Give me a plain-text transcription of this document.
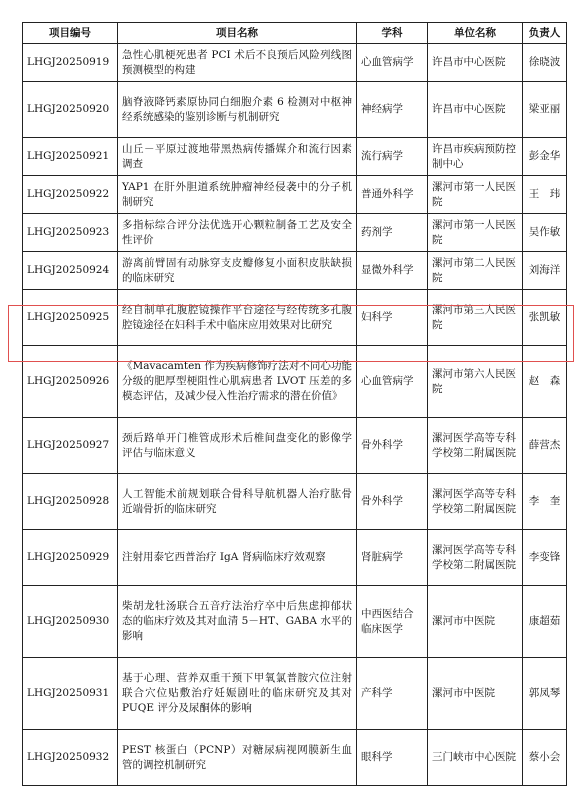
项目编号	项目名称	学科	单位名称	负责人
LHGJ20250919	急性心肌梗死患者 PCI 术后不良预后风险列线图预测模型的构建	心血管病学	许昌市中心医院	徐晓波
LHGJ20250920	脑脊液降钙素原协同白细胞介素 6 检测对中枢神经系统感染的鉴别诊断与机制研究	神经病学	许昌市中心医院	梁亚丽
LHGJ20250921	山丘－平原过渡地带黑热病传播媒介和流行因素调查	流行病学	许昌市疾病预防控制中心	彭金华
LHGJ20250922	YAP1 在肝外胆道系统肿瘤神经侵袭中的分子机制研究	普通外科学	漯河市第一人民医院	王　玮
LHGJ20250923	多指标综合评分法优选开心颗粒制备工艺及安全性评价	药剂学	漯河市第一人民医院	吴作敏
LHGJ20250924	游离前臂固有动脉穿支皮瓣修复小面积皮肤缺损的临床研究	显微外科学	漯河市第二人民医院	刘海洋
LHGJ20250925	经自制单孔腹腔镜操作平台途径与经传统多孔腹腔镜途径在妇科手术中临床应用效果对比研究	妇科学	漯河市第三人民医院	张凯敏
LHGJ20250926	《Mavacamten 作为疾病修饰疗法对不同心功能分级的肥厚型梗阻性心肌病患者 LVOT 压差的多模态评估，及减少侵入性治疗需求的潜在价值》	心血管病学	漯河市第六人民医院	赵　森
LHGJ20250927	颈后路单开门椎管成形术后椎间盘变化的影像学评估与临床意义	骨外科学	漯河医学高等专科学校第二附属医院	薛营杰
LHGJ20250928	人工智能术前规划联合骨科导航机器人治疗肱骨近端骨折的临床研究	骨外科学	漯河医学高等专科学校第二附属医院	李　奎
LHGJ20250929	注射用泰它西普治疗 IgA 肾病临床疗效观察	肾脏病学	漯河医学高等专科学校第二附属医院	李变锋
LHGJ20250930	柴胡龙牡汤联合五音疗法治疗卒中后焦虑抑郁状态的临床疗效及其对血清 5－HT、GABA 水平的影响	中西医结合临床医学	漯河市中医院	康超茹
LHGJ20250931	基于心理、营养双重干预下甲氧氯普胺穴位注射联合穴位贴敷治疗妊娠剧吐的临床研究及其对 PUQE 评分及尿酮体的影响	产科学	漯河市中医院	郭凤琴
LHGJ20250932	PEST 核蛋白（PCNP）对糖尿病视网膜新生血管的调控机制研究	眼科学	三门峡市中心医院	蔡小会
